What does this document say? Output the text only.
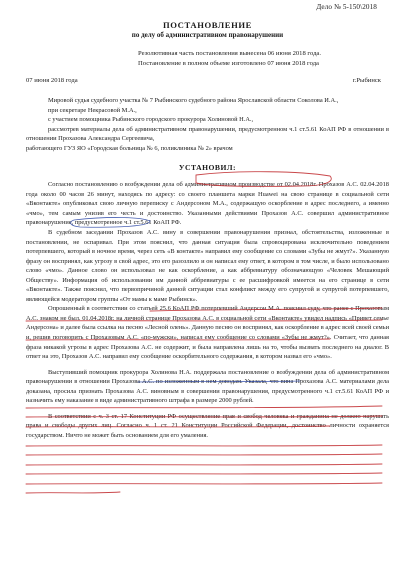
Дело № 5-150\2018

ПОСТАНОВЛЕНИЕ

по делу об административном правонарушении

Резолютивная часть постановления вынесена 06 июня 2018 года.
Постановление в полном объеме изготовлено 07 июня 2018 года
07 июня 2018 года	г.Рыбинск

Мировой судья судебного участка № 7 Рыбинского судебного района Ярославской области Соколова И.А.,

при секретаре Некрасовой М.А.,

с участием помощника Рыбинского городского прокурора Холиновой Н.А.,

рассмотрев материалы дела об административном правонарушении, предусмотренном ч.1 ст.5.61 КоАП РФ в отношении в отношении Прохазова Александра Сергеевича,

работающего ГУЗ ЯО «Городская больница № 6, поликлиника № 2» врачом

УСТАНОВИЛ:

Согласно постановлению о возбуждении дела об административном производстве от 02.04.2018г. Прохазов А.С. 02.04.2018 года около 00 часов 26 минут, находясь по адресу: со своего планшета марки Huawei на свою странице в социальной сети «Вконтакте» опубликовал свою личную переписку с Андерсоном М.А., содержащую оскорбление в адрес последнего, а именно «чмо», тем самым унизив его честь и достоинство. Указанными действиями Прохазов А.С. совершил административное правонарушение, предусмотренное ч.1 ст.5.61 КоАП РФ.

В судебном заседании Прохазов А.С. вину в совершении правонарушения признал, обстоятельства, изложенные в постановлении, не оспаривал. При этом пояснил, что данная ситуация была спровоцирована исключительно поведением потерпевшего, который в ночное время, через сеть «В контакте» направил ему сообщение со словами «Зубы не жмут?». Указанную фразу он воспринял, как угрозу в свой адрес, это его разозлило и он написал ему ответ, в котором в том числе, и было использовано слово «чмо». Данное слово он использовал не как оскорбление, а как аббревиатуру обозначающую «Человек Мешающий Обществу». Информация об использовании им данной аббревиатуры с ее расшифровкой имеется на его странице в сети «Вконтакте». Также пояснил, что первопричиной данной ситуации стал конфликт между его супругой и супругой потерпевшего, являющейся модератором группы «От мамы к маме Рыбинск».

Опрошенный в соответствии со статьей 25.6 КоАП РФ потерпевший Андерсон М.А. пояснил суду, что ранее с Прохазовым А.С. знаком не был. 01.04.2018г. на личной странице Прохазова А.С. в социальной сети «Вконтакте» увидел надпись «Привет семье Андерсона» и далее была ссылка на песню «Лесной олень». Данную песню он воспринял, как оскорбление в адрес всей своей семьи и, решив поговорить с Прохазовым А.С. «по-мужски», написал ему сообщение со словами «Зубы не жмут?». Считает, что данная фраза никакой угрозы в адрес Прохазова А.С. не содержит, и была направлена лишь на то, чтобы вызвать последнего на диалог. В ответ на это, Прохазов А.С. направил ему сообщение оскорбительного содержания, в котором назвал его «чмо».

Выступивший помощник прокурора Холинова Н.А. поддержала постановление о возбуждении дела об административном правонарушении в отношении Прохазова А.С. по изложенным в нем доводам. Указала, что вина Прохазова А.С. материалами дела доказана, просила признать Прохазова А.С. виновным в совершении правонарушения, предусмотренного ч.1 ст.5.61 КоАП РФ и назначить ему наказание в виде административного штрафа в размере 2000 рублей.

В соответствии с ч. 3 ст. 17 Конституции РФ осуществление прав и свобод человека и гражданина не должно нарушать права и свободы других лиц. Согласно ч. 1 ст. 21 Конституции Российской Федерации, достоинство личности охраняется государством. Ничто не может быть основанием для его умаления.
